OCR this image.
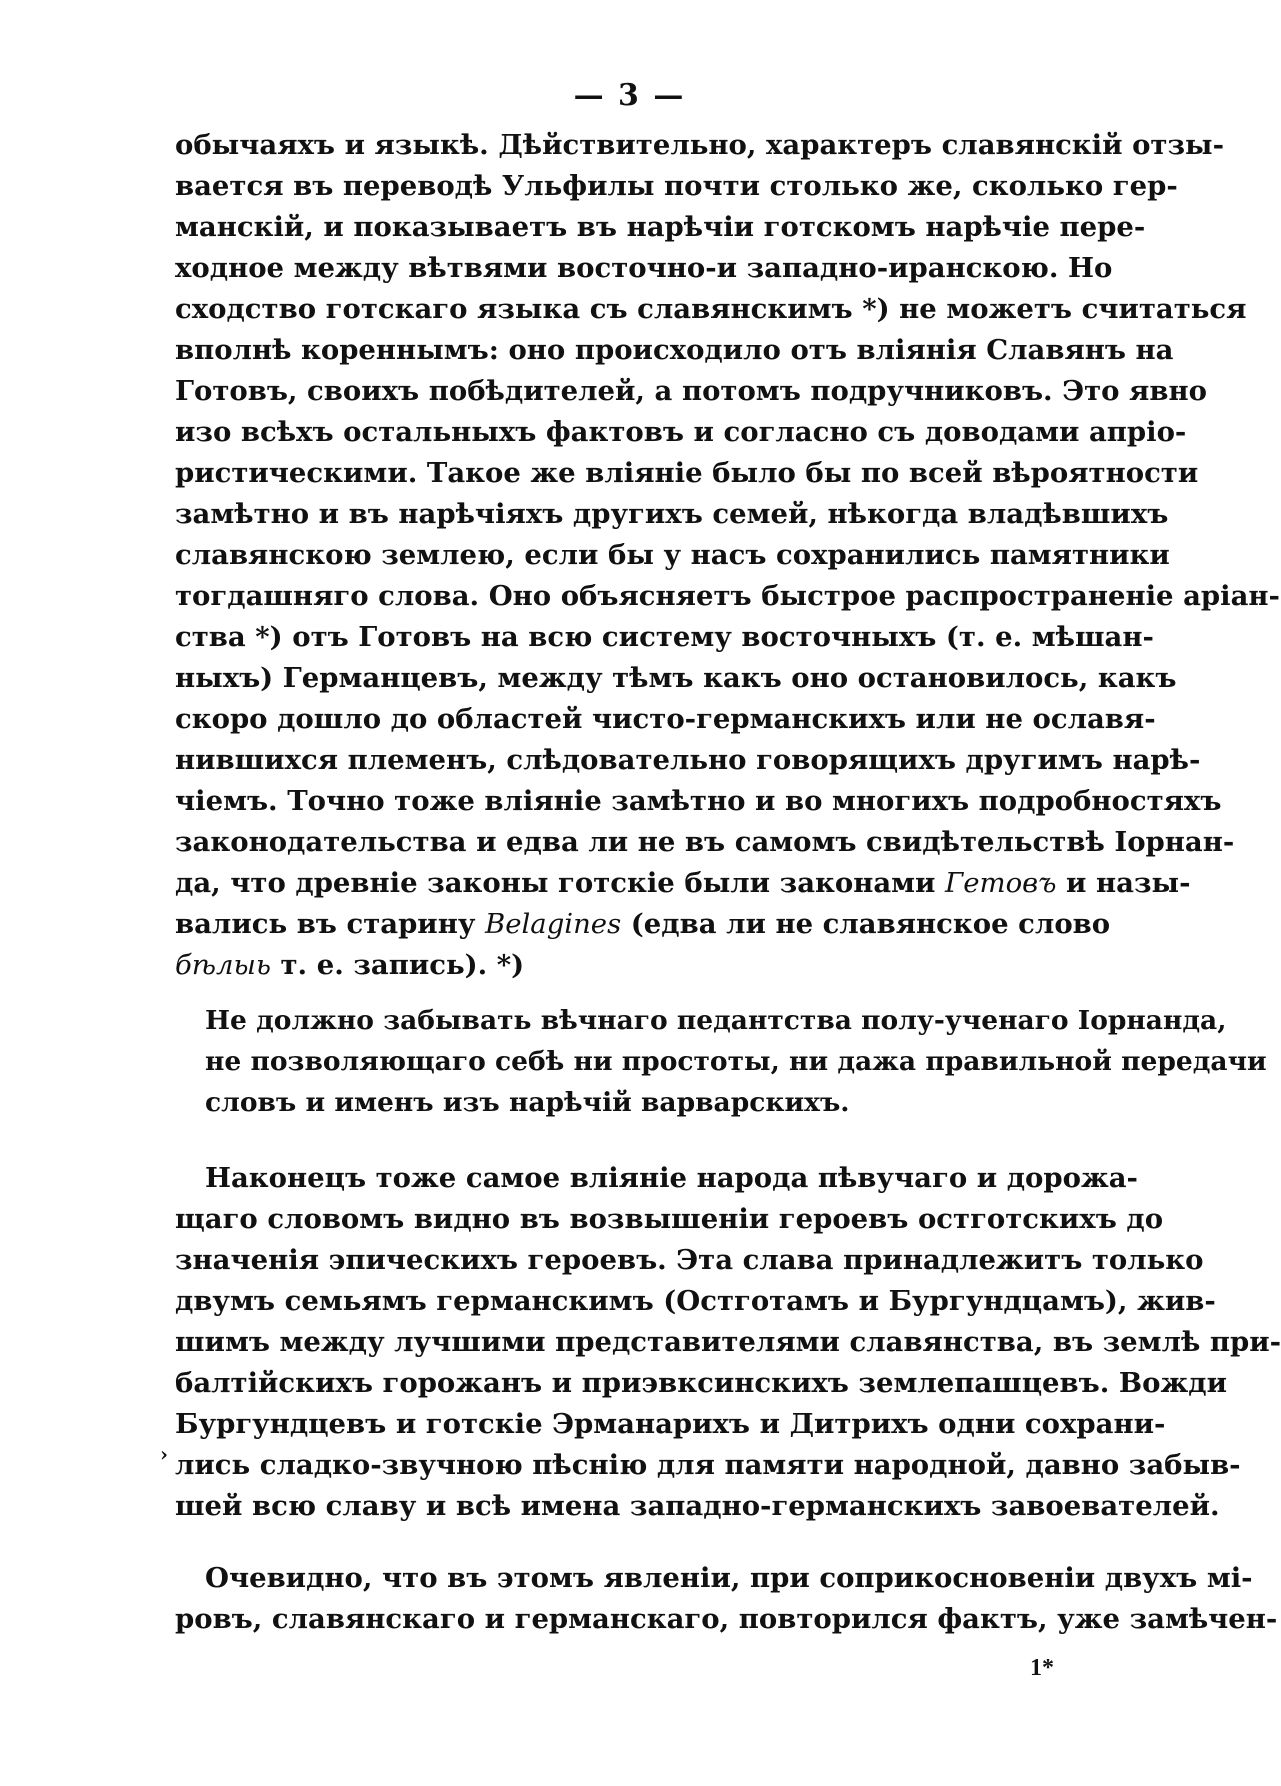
— 3 —
обычаяхъ и языкѣ. Дѣйствительно, характеръ славянскій отзы-
вается въ переводѣ Ульфилы почти столько же, сколько гер-
манскій, и показываетъ въ нарѣчіи готскомъ нарѣчіе пере-
ходное между вѣтвями восточно-и западно-иранскою. Но
сходство готскаго языка съ славянскимъ *) не можетъ считаться
вполнѣ кореннымъ: оно происходило отъ вліянія Славянъ на
Готовъ, своихъ побѣдителей, а потомъ подручниковъ. Это явно
изо всѣхъ остальныхъ фактовъ и согласно съ доводами апріо-
ристическими. Такое же вліяніе было бы по всей вѣроятности
замѣтно и въ нарѣчіяхъ другихъ семей, нѣкогда владѣвшихъ
славянскою землею, если бы у насъ сохранились памятники
тогдашняго слова. Оно объясняетъ быстрое распространеніе аріан-
ства *) отъ Готовъ на всю систему восточныхъ (т. е. мѣшан-
ныхъ) Германцевъ, между тѣмъ какъ оно остановилось, какъ
скоро дошло до областей чисто-германскихъ или не ославя-
нившихся племенъ, слѣдовательно говорящихъ другимъ нарѣ-
чіемъ. Точно тоже вліяніе замѣтно и во многихъ подробностяхъ
законодательства и едва ли не въ самомъ свидѣтельствѣ Іорнан-
да, что древніе законы готскіе были законами Гетовъ и назы-
вались въ старину Belagines (едва ли не славянское слово
бѣлыь т. е. запись). *)
Не должно забывать вѣчнаго педантства полу-ученаго Іорнанда,
не позволяющаго себѣ ни простоты, ни дажа правильной передачи
словъ и именъ изъ нарѣчій варварскихъ.
Наконецъ тоже самое вліяніе народа пѣвучаго и дорожа-
щаго словомъ видно въ возвышеніи героевъ остготскихъ до
значенія эпическихъ героевъ. Эта слава принадлежитъ только
двумъ семьямъ германскимъ (Остготамъ и Бургундцамъ), жив-
шимъ между лучшими представителями славянства, въ землѣ при-
балтійскихъ горожанъ и приэвксинскихъ землепашцевъ. Вожди
Бургундцевъ и готскіе Эрманарихъ и Дитрихъ одни сохрани-
лись сладко-звучною пѣснію для памяти народной, давно забыв-
шей всю славу и всѣ имена западно-германскихъ завоевателей.
›
Очевидно, что въ этомъ явленіи, при соприкосновеніи двухъ мі-
ровъ, славянскаго и германскаго, повторился фактъ, уже замѣчен-
1*
